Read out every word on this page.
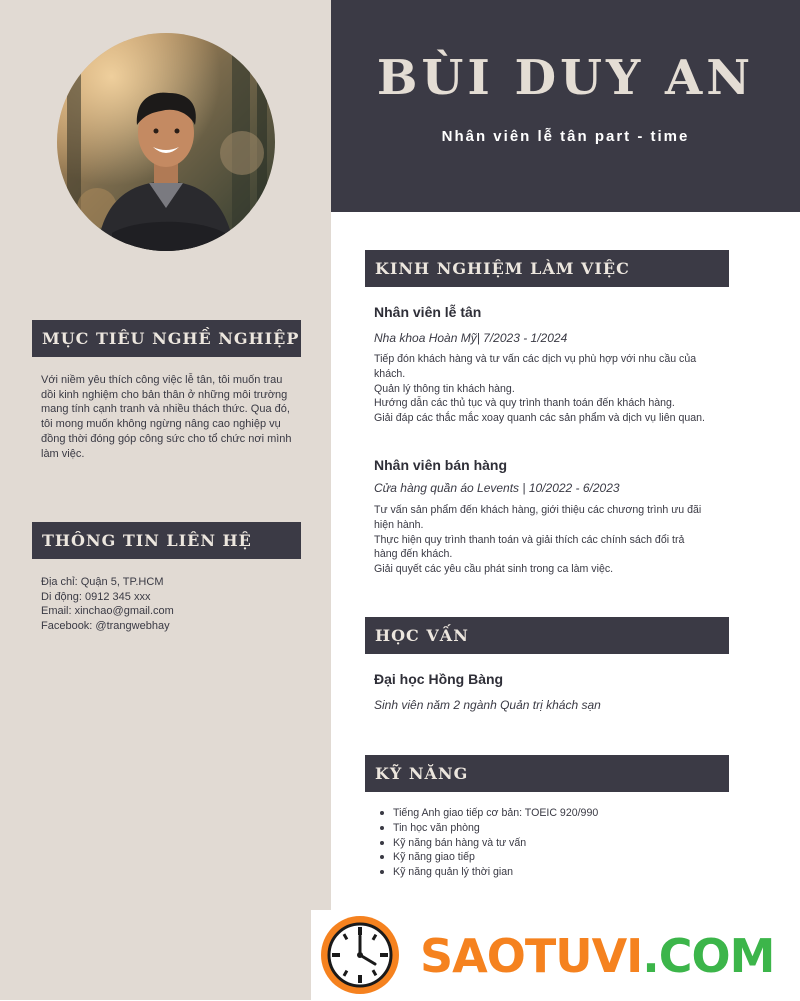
BÙI DUY AN
Nhân viên lễ tân part - time
MỤC TIÊU NGHỀ NGHIỆP

Với niềm yêu thích công việc lễ tân, tôi muốn trau dồi kinh nghiệm cho bản thân ở những môi trường mang tính cạnh tranh và nhiều thách thức. Qua đó, tôi mong muốn không ngừng nâng cao nghiệp vụ đồng thời đóng góp công sức cho tổ chức nơi mình làm việc.

THÔNG TIN LIÊN HỆ
Địa chỉ: Quận 5, TP.HCM
Di động: 0912 345 xxx
Email: xinchao@gmail.com
Facebook: @trangwebhay
KINH NGHIỆM LÀM VIỆC
Nhân viên lễ tân
Nha khoa Hoàn Mỹ| 7/2023 - 1/2024
Tiếp đón khách hàng và tư vấn các dịch vụ phù hợp với nhu cầu của
khách.
Quản lý thông tin khách hàng.
Hướng dẫn các thủ tục và quy trình thanh toán đến khách hàng.
Giải đáp các thắc mắc xoay quanh các sản phẩm và dịch vụ liên quan.
Nhân viên bán hàng
Cửa hàng quần áo Levents | 10/2022 - 6/2023
Tư vấn sản phẩm đến khách hàng, giới thiệu các chương trình ưu đãi
hiện hành.
Thực hiện quy trình thanh toán và giải thích các chính sách đổi trả
hàng đến khách.
Giải quyết các yêu cầu phát sinh trong ca làm việc.
HỌC VẤN
Đại học Hồng Bàng
Sinh viên năm 2 ngành Quản trị khách sạn
KỸ NĂNG
Tiếng Anh giao tiếp cơ bản: TOEIC 920/990
Tin học văn phòng
Kỹ năng bán hàng và tư vấn
Kỹ năng giao tiếp
Kỹ năng quản lý thời gian
SAOTUVI.COM
